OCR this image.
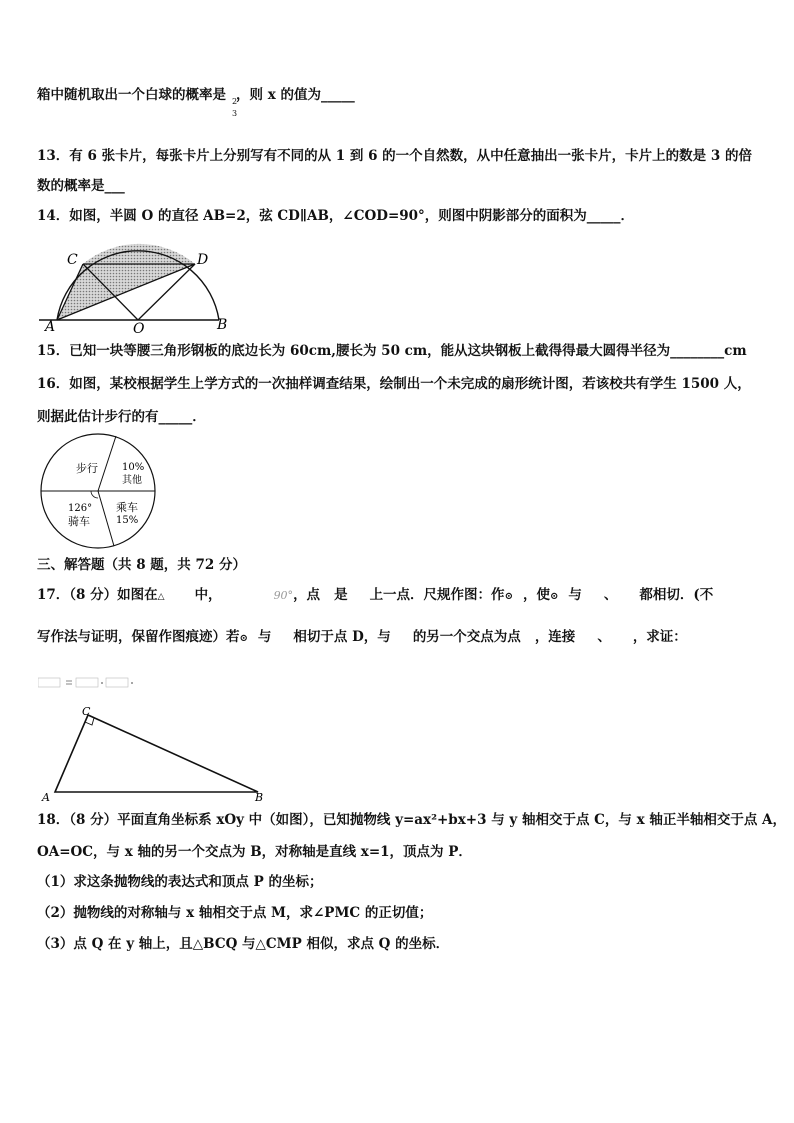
箱中随机取出一个白球的概率是 ，则 x 的值为_____
2
3
13．有 6 张卡片，每张卡片上分别写有不同的从 1 到 6 的一个自然数，从中任意抽出一张卡片，卡片上的数是 3 的倍
数的概率是___
14．如图，半圆 O 的直径 AB=2，弦 CD∥AB，∠COD=90°，则图中阴影部分的面积为_____．
C	D
A	O	B
15．已知一块等腰三角形钢板的底边长为 60cm,腰长为 50 cm，能从这块钢板上截得得最大圆得半径为________cm
16．如图，某校根据学生上学方式的一次抽样调查结果，绘制出一个未完成的扇形统计图，若该校共有学生 1500 人，
则据此估计步行的有_____．
步行 10%
其他
126°
骑车
乘车
15%
三、解答题（共 8 题，共 72 分）
17．（8 分）如图在△ 中，	90°，点 是 上一点．尺规作图：作⊙ ，使⊙ 与 、 都相切．(不
写作法与证明，保留作图痕迹）若⊙ 与 相切于点 D，与 的另一个交点为点 ，连接 、 ，求证：
C
A	B
18．（8 分）平面直角坐标系 xOy 中（如图），已知抛物线 y=ax²+bx+3 与 y 轴相交于点 C，与 x 轴正半轴相交于点 A，
OA=OC，与 x 轴的另一个交点为 B，对称轴是直线 x=1，顶点为 P．
（1）求这条抛物线的表达式和顶点 P 的坐标；
（2）抛物线的对称轴与 x 轴相交于点 M，求∠PMC 的正切值；
（3）点 Q 在 y 轴上，且△BCQ 与△CMP 相似，求点 Q 的坐标．
